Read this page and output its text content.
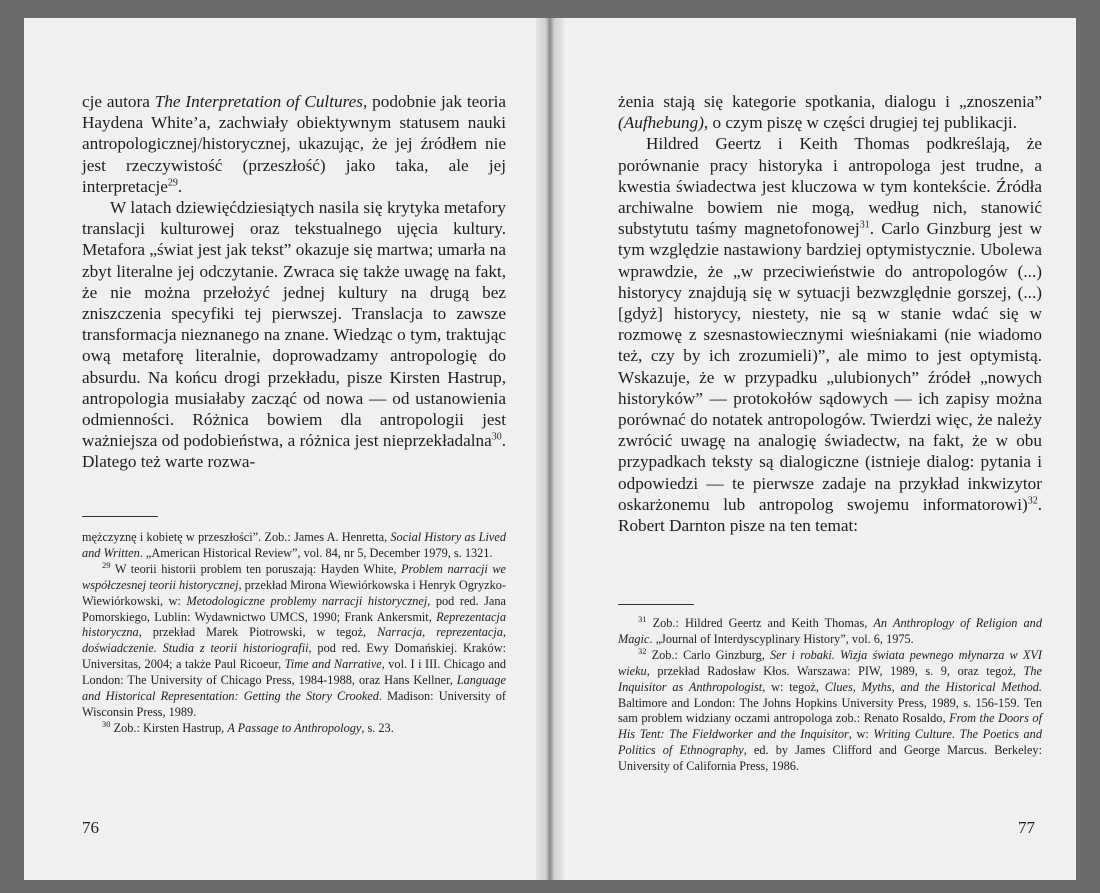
cje autora The Interpretation of Cultures, podobnie jak teoria Haydena White’a, zachwiały obiektywnym statusem nauki antropologicznej/historycznej, ukazując, że jej źródłem nie jest rzeczywistość (przeszłość) jako taka, ale jej interpretacje$^{29}$.

W latach dziewięćdziesiątych nasila się krytyka metafory translacji kulturowej oraz tekstualnego ujęcia kultury. Metafora „świat jest jak tekst” okazuje się martwa; umarła na zbyt literalne jej odczytanie. Zwraca się także uwagę na fakt, że nie można przełożyć jednej kultury na drugą bez zniszczenia specyfiki tej pierwszej. Translacja to zawsze transformacja nieznanego na znane. Wiedząc o tym, traktując ową metaforę literalnie, doprowadzamy antropologię do absurdu. Na końcu drogi przekładu, pisze Kirsten Hastrup, antropologia musiałaby zacząć od nowa — od ustanowienia odmienności. Różnica bowiem dla antropologii jest ważniejsza od podobieństwa, a różnica jest nieprzekładalna$^{30}$. Dlatego też warte rozwa-

mężczyznę i kobietę w przeszłości”. Zob.: James A. Henretta, Social History as Lived and Written. „American Historical Review”, vol. 84, nr 5, December 1979, s. 1321.

$^{29}$ W teorii historii problem ten poruszają: Hayden White, Problem narracji we współczesnej teorii historycznej, przekład Mirona Wiewiórkowska i Henryk Ogryzko-Wiewiórkowski, w: Metodologiczne problemy narracji historycznej, pod red. Jana Pomorskiego, Lublin: Wydawnictwo UMCS, 1990; Frank Ankersmit, Reprezentacja historyczna, przekład Marek Piotrowski, w tegoż, Narracja, reprezentacja, doświadczenie. Studia z teorii historiografii, pod red. Ewy Domańskiej. Kraków: Universitas, 2004; a także Paul Ricoeur, Time and Narrative, vol. I i III. Chicago and London: The University of Chicago Press, 1984-1988, oraz Hans Kellner, Language and Historical Representation: Getting the Story Crooked. Madison: University of Wisconsin Press, 1989.

$^{30}$ Zob.: Kirsten Hastrup, A Passage to Anthropology, s. 23.

76

żenia stają się kategorie spotkania, dialogu i „znoszenia” (Aufhebung), o czym piszę w części drugiej tej publikacji.

Hildred Geertz i Keith Thomas podkreślają, że porównanie pracy historyka i antropologa jest trudne, a kwestia świadectwa jest kluczowa w tym kontekście. Źródła archiwalne bowiem nie mogą, według nich, stanowić substytutu taśmy magnetofonowej$^{31}$. Carlo Ginzburg jest w tym względzie nastawiony bardziej optymistycznie. Ubolewa wprawdzie, że „w przeciwieństwie do antropologów (...) historycy znajdują się w sytuacji bezwzględnie gorszej, (...) [gdyż] historycy, niestety, nie są w stanie wdać się w rozmowę z szesnastowiecznymi wieśniakami (nie wiadomo też, czy by ich zrozumieli)”, ale mimo to jest optymistą. Wskazuje, że w przypadku „ulubionych” źródeł „nowych historyków” — protokołów sądowych — ich zapisy można porównać do notatek antropologów. Twierdzi więc, że należy zwrócić uwagę na analogię świadectw, na fakt, że w obu przypadkach teksty są dialogiczne (istnieje dialog: pytania i odpowiedzi — te pierwsze zadaje na przykład inkwizytor oskarżonemu lub antropolog swojemu informatorowi)$^{32}$. Robert Darnton pisze na ten temat:

$^{31}$ Zob.: Hildred Geertz and Keith Thomas, An Anthroplogy of Religion and Magic. „Journal of Interdyscyplinary History”, vol. 6, 1975.

$^{32}$ Zob.: Carlo Ginzburg, Ser i robaki. Wizja świata pewnego młynarza w XVI wieku, przekład Radosław Kłos. Warszawa: PIW, 1989, s. 9, oraz tegoż, The Inquisitor as Anthropologist, w: tegoż, Clues, Myths, and the Historical Method. Baltimore and London: The Johns Hopkins University Press, 1989, s. 156-159. Ten sam problem widziany oczami antropologa zob.: Renato Rosaldo, From the Doors of His Tent: The Fieldworker and the Inquisitor, w: Writing Culture. The Poetics and Politics of Ethnography, ed. by James Clifford and George Marcus. Berkeley: University of California Press, 1986.

77
